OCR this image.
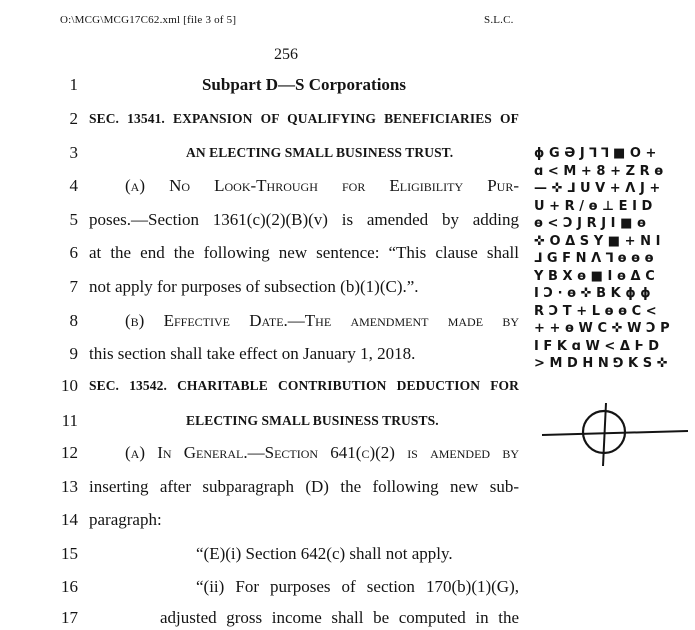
O:\MCG\MCG17C62.xml [file 3 of 5]	S.L.C.
256
1	Subpart D—S Corporations
2 SEC. 13541. EXPANSION OF QUALIFYING BENEFICIARIES OF
3	AN ELECTING SMALL BUSINESS TRUST.
4	(a) No Look-Through for Eligibility Pur-
5 poses.—Section 1361(c)(2)(B)(v) is amended by adding
6 at the end the following new sentence: “This clause shall
7 not apply for purposes of subsection (b)(1)(C).”.
8	(b) Effective Date.—The amendment made by
9 this section shall take effect on January 1, 2018.
10 SEC. 13542. CHARITABLE CONTRIBUTION DEDUCTION FOR
11	ELECTING SMALL BUSINESS TRUSTS.
12	(a) In General.—Section 641(c)(2) is amended by
13 inserting after subparagraph (D) the following new sub-
14 paragraph:
15	“(E)(i) Section 642(c) shall not apply.
16	“(ii) For purposes of section 170(b)(1)(G),
17	adjusted gross income shall be computed in the
ɸGƏJ⅂⅂■O+
ɑ<M+8+ZRɵ
—✜⅃UV+ΛJ+
U+R/ɵ⊥EID
ɵ<ↃJRJI■ɵ
✜OΔSY■+NI
⅃GFNΛ⅂ɵɵɵ
YBXɵ■IɵΔC
IↃ·ɵ✜BKɸɸ
RↃT+LɵɵC<
++ɵWC✜WↃP
IFKɑW<ΔⱵD
>MDHN⅁KS✜
